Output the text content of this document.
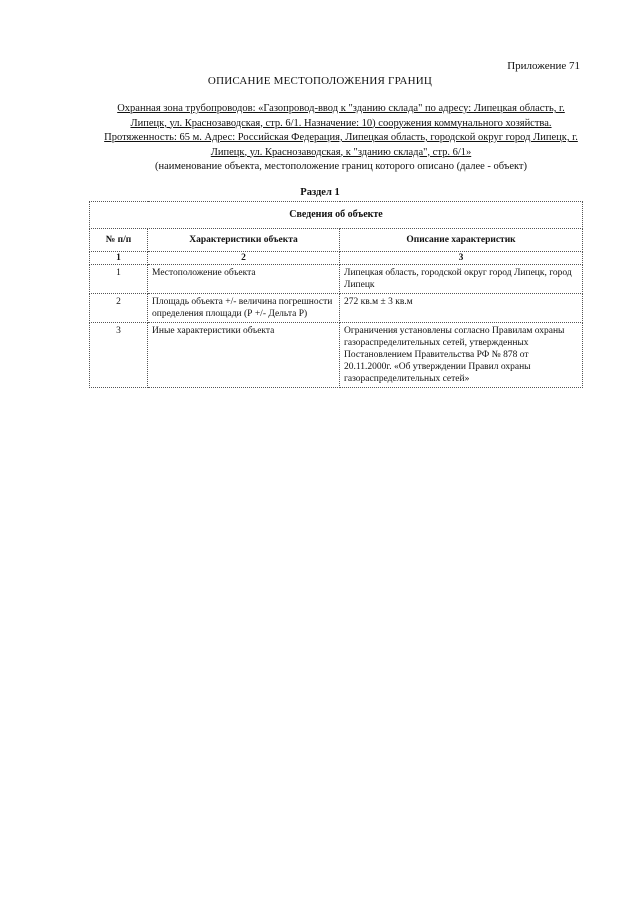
Приложение 71
ОПИСАНИЕ МЕСТОПОЛОЖЕНИЯ ГРАНИЦ
Охранная зона трубопроводов: «Газопровод-ввод к "зданию склада" по адресу: Липецкая область, г. Липецк, ул. Краснозаводская, стр. 6/1. Назначение: 10) сооружения коммунального хозяйства. Протяженность: 65 м. Адрес: Российская Федерация, Липецкая область, городской округ город Липецк, г. Липецк, ул. Краснозаводская, к "зданию склада", стр. 6/1»
(наименование объекта, местоположение границ которого описано (далее - объект)
Раздел 1
Сведения об объекте		
№ п/п	Характеристики объекта	Описание характеристик
1	2	3
1	Местоположение объекта	Липецкая область, городской округ город Липецк, город Липецк
2	Площадь объекта +/- величина погрешности определения площади (Р +/- Дельта Р)	272 кв.м ± 3 кв.м
3	Иные характеристики объекта	Ограничения установлены согласно Правилам охраны газораспределительных сетей, утвержденных Постановлением Правительства РФ № 878 от 20.11.2000г. «Об утверждении Правил охраны газораспределительных сетей»
